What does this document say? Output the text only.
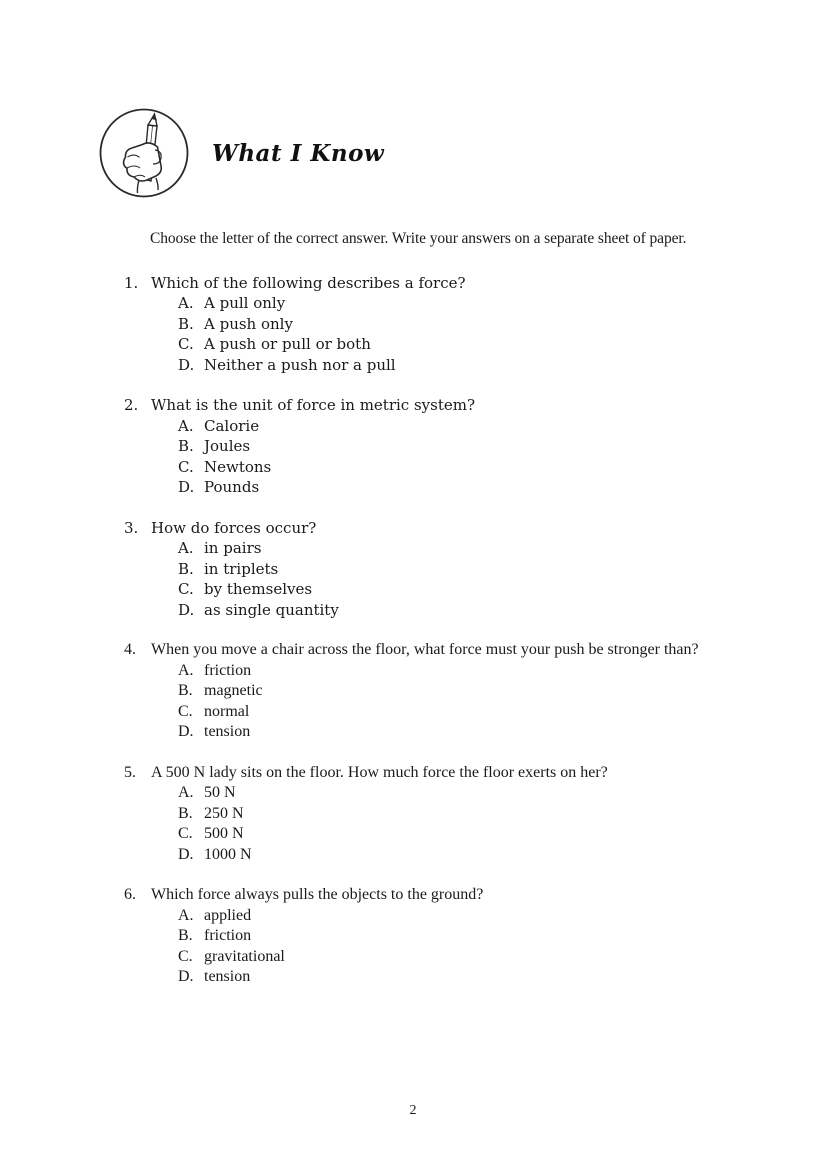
What I Know

Choose the letter of the correct answer. Write your answers on a separate sheet of paper.

1. Which of the following describes a force?
A. A pull only
B. A push only
C. A push or pull or both
D. Neither a push nor a pull
2. What is the unit of force in metric system?
A. Calorie
B. Joules
C. Newtons
D. Pounds
3. How do forces occur?
A. in pairs
B. in triplets
C. by themselves
D. as single quantity
4. When you move a chair across the floor, what force must your push be stronger than?
A. friction
B. magnetic
C. normal
D. tension
5. A 500 N lady sits on the floor. How much force the floor exerts on her?
A. 50 N
B. 250 N
C. 500 N
D. 1000 N
6. Which force always pulls the objects to the ground?
A. applied
B. friction
C. gravitational
D. tension
2
